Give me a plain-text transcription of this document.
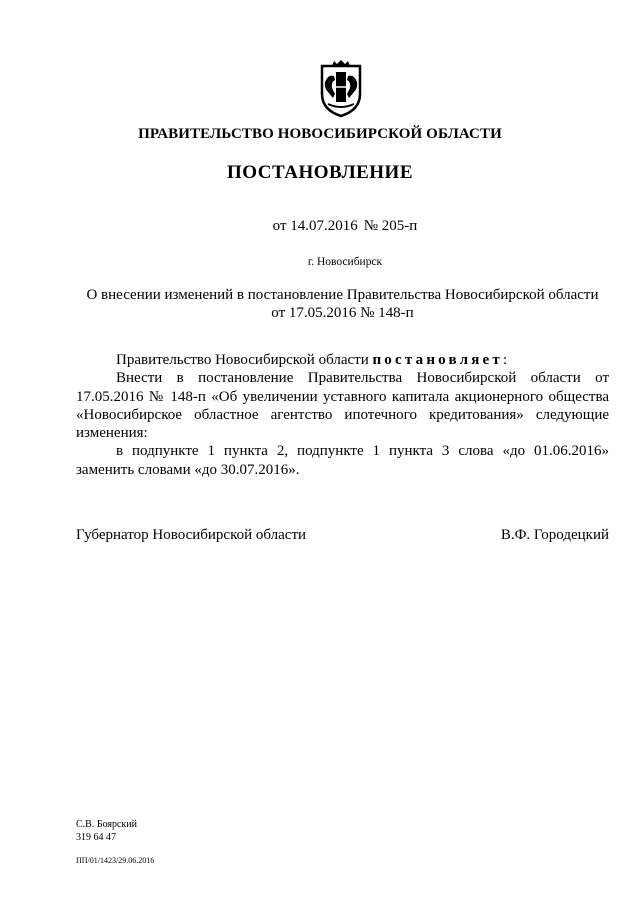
ПРАВИТЕЛЬСТВО НОВОСИБИРСКОЙ ОБЛАСТИ
ПОСТАНОВЛЕНИЕ
от 14.07.2016 № 205-п
г. Новосибирск
О внесении изменений в постановление Правительства Новосибирской области
от 17.05.2016 № 148-п

Правительство Новосибирской области постановляет:

Внести в постановление Правительства Новосибирской области от 17.05.2016 № 148-п «Об увеличении уставного капитала акционерного общества «Новосибирское областное агентство ипотечного кредитования» следующие изменения:

в подпункте 1 пункта 2, подпункте 1 пункта 3 слова «до 01.06.2016» заменить словами «до 30.07.2016».

Губернатор Новосибирской области	В.Ф. Городецкий
С.В. Боярский
319 64 47
ПП/01/1423/29.06.2016
